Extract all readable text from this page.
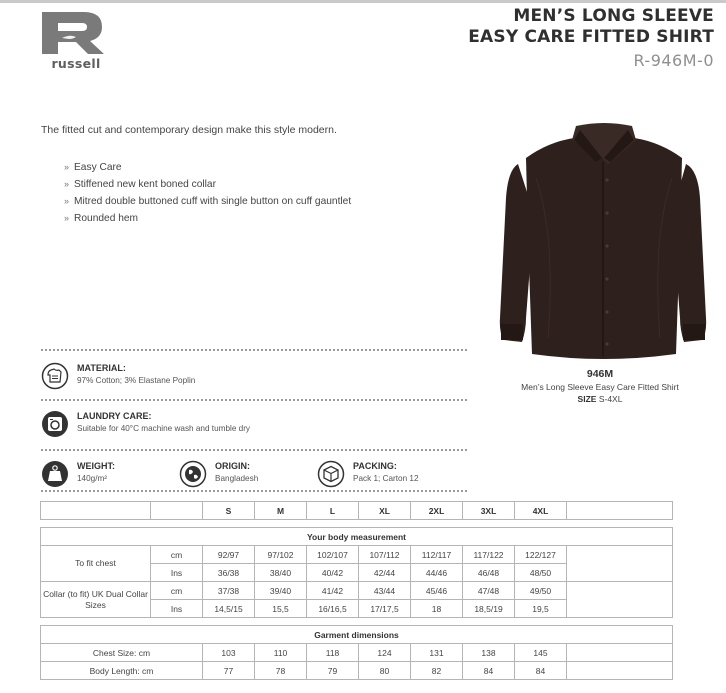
russell
MEN’S LONG SLEEVE
EASY CARE FITTED SHIRT
R-946M-0
The fitted cut and contemporary design make this style modern.
» Easy Care
» Stiffened new kent boned collar
» Mitred double buttoned cuff with single button on cuff gauntlet
» Rounded hem
946M
Men’s Long Sleeve Easy Care Fitted Shirt
SIZE S-4XL
MATERIAL:
97% Cotton; 3% Elastane Poplin
LAUNDRY CARE:
Suitable for 40°C machine wash and tumble dry
WEIGHT:
140g/m²
ORIGIN:
Bangladesh
PACKING:
Pack 1; Carton 12
		S	M	L	XL	2XL	3XL	4XL	

Your body measurement									
To fit chest	cm	92/97	97/102	102/107	107/112	112/117	117/122	122/127	
	Ins	36/38	38/40	40/42	42/44	44/46	46/48	48/50	
Collar (to fit) UK Dual Collar Sizes	cm	37/38	39/40	41/42	43/44	45/46	47/48	49/50	
	Ins	14,5/15	15,5	16/16,5	17/17,5	18	18,5/19	19,5	

Garment dimensions									
Chest Size: cm		103	110	118	124	131	138	145	
Body Length: cm		77	78	79	80	82	84	84	
